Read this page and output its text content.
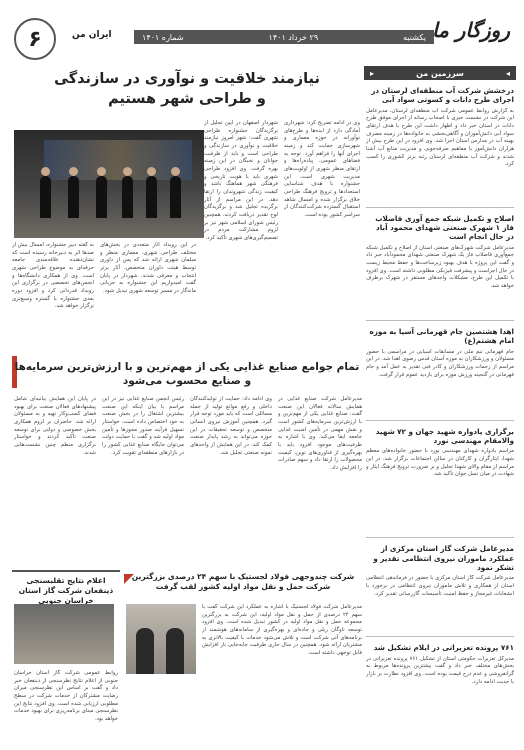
۶	ایران من	یکشنبه
۲۹ خرداد ۱۴۰۱
شماره ۱۴۰۱	روزگار ما
◂
سرزمین من
▸
درخشش شرکت آب منطقه‌ای لرستان در اجرای طرح دانات و کسوتی سواد آبی
به گزارش روابط عمومی شرکت آب منطقه‌ای لرستان، مدیرعامل این شرکت در نشست خبری با اصحاب رسانه از اجرای موفق طرح دانات در استان خبر داد و اظهار داشت این طرح با هدف ارتقای سواد آبی دانش‌آموزان و آگاهی‌بخشی به خانواده‌ها در زمینه مصرف بهینه آب در مدارس استان اجرا شد. وی افزود در این طرح بیش از هزاران دانش‌آموز با مفاهیم صرفه‌جویی و مدیریت منابع آب آشنا شدند و شرکت آب منطقه‌ای لرستان رتبه برتر کشوری را کسب کرد.
اصلاح و تکمیل شبکه جمع آوری فاضلاب فاز ۱ شهرک صنعتی شهدای محمود آباد در حال انجام است
مدیرعامل شرکت شهرک‌های صنعتی استان از اصلاح و تکمیل شبکه جمع‌آوری فاضلاب فاز یک شهرک صنعتی شهدای محمودآباد خبر داد و گفت این پروژه با هدف بهبود زیرساخت‌ها و حفظ محیط زیست در حال اجراست و پیشرفت فیزیکی مطلوبی داشته است. وی افزود با تکمیل این طرح، مشکلات واحدهای مستقر در شهرک برطرف خواهد شد.
اهدا هشتصین جام قهرمانی آسیا به موزه امام هشتم(ع)
جام قهرمانی تیم ملی در مسابقات آسیایی در مراسمی با حضور مسئولان و ورزشکاران به موزه آستان قدس رضوی اهدا شد. در این مراسم از زحمات ورزشکاران و کادر فنی تقدیر به عمل آمد و جام قهرمانی در گنجینه ورزش موزه برای بازدید عموم قرار گرفت.
برگزاری یادواره شهید جهان و ۷۲ شهید والامقام مهندسی نورد
مراسم یادواره شهدای مهندسی نورد با حضور خانواده‌های معظم شهدا، ایثارگران و کارکنان در سالن اجتماعات برگزار شد. در این مراسم از مقام والای شهدا تجلیل و بر ضرورت ترویج فرهنگ ایثار و شهادت در میان نسل جوان تأکید شد.
مدیرعامل شرکت گاز استان مرکزی از عملکرد ماموران نیروی انتظامی تقدیر و تشکر نمود
مدیرعامل شرکت گاز استان مرکزی با حضور در فرماندهی انتظامی استان از همکاری و تلاش ماموران نیروی انتظامی در برخورد با انشعابات غیرمجاز و حفظ امنیت تأسیسات گازرسانی تقدیر کرد.
۷۶۱ پرونده تعزیراتی در ایلام تشکیل شد
مدیرکل تعزیرات حکومتی استان از تشکیل ۷۶۱ پرونده تعزیراتی در بخش‌های مختلف خبر داد و گفت بیشترین پرونده‌ها مربوط به گرانفروشی و عدم درج قیمت بوده است. وی افزود نظارت بر بازار با جدیت ادامه دارد.
نیازمند خلاقیت و نوآوری در سازندگی
و طراحی شهر هستیم
شهردار اصفهان در آیین تجلیل از برگزیدگان جشنواره طراحی شهری گفت: شهر امروز نیازمند خلاقیت و نوآوری در سازندگی و طراحی است و باید از ظرفیت جوانان و نخبگان در این زمینه بهره گرفت. وی افزود طراحی شهری باید با هویت تاریخی و فرهنگی شهر هماهنگ باشد و کیفیت زندگی شهروندان را ارتقا دهد. در این مراسم از آثار برگزیده تجلیل شد و برگزیدگان لوح تقدیر دریافت کردند. همچنین رئیس شورای اسلامی شهر نیز بر لزوم مشارکت مردم در تصمیم‌گیری‌های شهری تأکید کرد.
وی در ادامه تصریح کرد: شهرداری آمادگی دارد از ایده‌ها و طرح‌های نوآورانه در حوزه معماری و شهرسازی حمایت کند و زمینه اجرای آنها را فراهم آورد. توجه به فضاهای عمومی، پیاده‌راه‌ها و ارتقای منظر شهری از اولویت‌های مدیریت شهری است. این جشنواره با هدف شناسایی استعدادها و ترویج فرهنگ طراحی خلاق برگزار شده و امسال شاهد استقبال گسترده شرکت‌کنندگان از سراسر کشور بوده است.
در این رویداد آثار متعددی در بخش‌های مختلف طراحی شهری، معماری منظر و مبلمان شهری ارائه شد که پس از داوری توسط هیئت داوران متخصص، آثار برتر انتخاب و معرفی شدند. شهردار در پایان گفت امیدواریم این جشنواره به جریانی ماندگار در مسیر توسعه شهری تبدیل شود.
به گفته دبیر جشنواره، امسال بیش از صدها اثر به دبیرخانه رسیده است که نشان‌دهنده علاقه‌مندی جامعه حرفه‌ای به موضوع طراحی شهری است. وی از همکاری دانشگاه‌ها و انجمن‌های تخصصی در برگزاری این رویداد قدردانی کرد و افزود دوره بعدی جشنواره با گستره وسیع‌تری برگزار خواهد شد.
تمام جوامع صنایع غذایی یکی از مهم‌ترین و با ارزش‌ترین سرمایه‌ها
و صنایع محسوب می‌شود
مدیرعامل شرکت صنایع غذایی در همایش سالانه فعالان این صنعت گفت: صنایع غذایی یکی از مهم‌ترین و با ارزش‌ترین سرمایه‌های کشور است و نقش مهمی در تأمین امنیت غذایی جامعه ایفا می‌کند. وی با اشاره به ظرفیت‌های موجود افزود باید با بهره‌گیری از فناوری‌های نوین، کیفیت محصولات را ارتقا داد و سهم صادرات را افزایش داد.
وی ادامه داد: حمایت از تولیدکنندگان داخلی و رفع موانع تولید از جمله مسائلی است که باید مورد توجه قرار گیرد. همچنین آموزش نیروی انسانی متخصص و توسعه تحقیقات در این حوزه می‌تواند به رشد پایدار صنعت کمک کند. در این همایش از واحدهای نمونه صنعتی تجلیل شد.
رئیس انجمن صنایع غذایی نیز در این مراسم با بیان اینکه این صنعت بیشترین اشتغال را در بخش صنعت به خود اختصاص داده است، خواستار تسهیل فرآیند صدور مجوزها و تأمین مواد اولیه شد و گفت با حمایت دولت می‌توان جایگاه صنایع غذایی کشور را در بازارهای منطقه‌ای تقویت کرد.
در پایان این همایش بیانیه‌ای شامل پیشنهادهای فعالان صنعت برای بهبود فضای کسب‌وکار تهیه و به مسئولان ارائه شد. حاضران بر لزوم همکاری بخش خصوصی و دولتی برای توسعه صنعت تأکید کردند و خواستار برگزاری منظم چنین نشست‌هایی شدند.
اعلام نتایج تقلبسنجی ذینفعان شرکت گاز استان خراسان جنوبی
روابط عمومی شرکت گاز استان خراسان جنوبی از اعلام نتایج نظرسنجی از ذینفعان خبر داد و گفت بر اساس این نظرسنجی میزان رضایت مشترکان از خدمات شرکت در سطح مطلوبی ارزیابی شده است. وی افزود نتایج این نظرسنجی مبنای برنامه‌ریزی برای بهبود خدمات خواهد بود.
شرکت چندوجهی فولاد لجستیک با سهم ۲۴ درصدی بزرگترین شرکت حمل و نقل مواد اولیه کشور لقب گرفت
مدیرعامل شرکت فولاد لجستیک با اشاره به عملکرد این شرکت گفت با سهم ۲۴ درصدی از حمل و نقل مواد اولیه، این شرکت به بزرگترین مجموعه حمل و نقل مواد اولیه در کشور تبدیل شده است. وی افزود توسعه ناوگان ریلی و جاده‌ای و بهره‌گیری از سامانه‌های هوشمند از برنامه‌های آتی شرکت است و تلاش می‌شود خدمات با کیفیت بالاتری به مشتریان ارائه شود. همچنین در سال جاری ظرفیت جابه‌جایی بار افزایش قابل توجهی داشته است.
